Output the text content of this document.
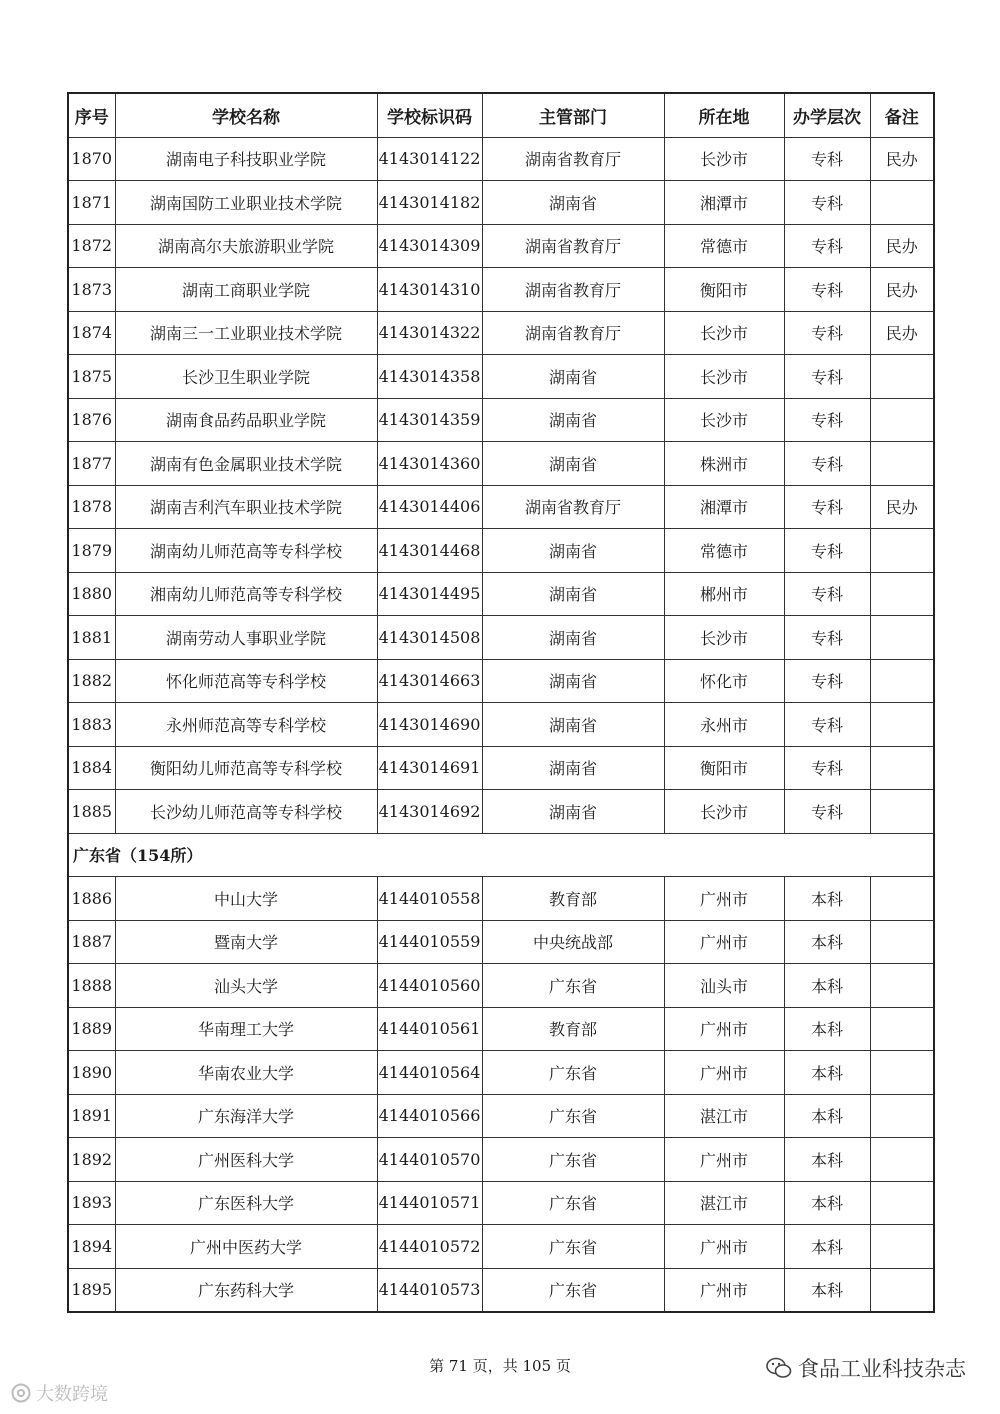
序号	学校名称	学校标识码	主管部门	所在地	办学层次	备注
1870	湖南电子科技职业学院	4143014122	湖南省教育厅	长沙市	专科	民办
1871	湖南国防工业职业技术学院	4143014182	湖南省	湘潭市	专科	
1872	湖南高尔夫旅游职业学院	4143014309	湖南省教育厅	常德市	专科	民办
1873	湖南工商职业学院	4143014310	湖南省教育厅	衡阳市	专科	民办
1874	湖南三一工业职业技术学院	4143014322	湖南省教育厅	长沙市	专科	民办
1875	长沙卫生职业学院	4143014358	湖南省	长沙市	专科	
1876	湖南食品药品职业学院	4143014359	湖南省	长沙市	专科	
1877	湖南有色金属职业技术学院	4143014360	湖南省	株洲市	专科	
1878	湖南吉利汽车职业技术学院	4143014406	湖南省教育厅	湘潭市	专科	民办
1879	湖南幼儿师范高等专科学校	4143014468	湖南省	常德市	专科	
1880	湘南幼儿师范高等专科学校	4143014495	湖南省	郴州市	专科	
1881	湖南劳动人事职业学院	4143014508	湖南省	长沙市	专科	
1882	怀化师范高等专科学校	4143014663	湖南省	怀化市	专科	
1883	永州师范高等专科学校	4143014690	湖南省	永州市	专科	
1884	衡阳幼儿师范高等专科学校	4143014691	湖南省	衡阳市	专科	
1885	长沙幼儿师范高等专科学校	4143014692	湖南省	长沙市	专科	
广东省（154所）						
1886	中山大学	4144010558	教育部	广州市	本科	
1887	暨南大学	4144010559	中央统战部	广州市	本科	
1888	汕头大学	4144010560	广东省	汕头市	本科	
1889	华南理工大学	4144010561	教育部	广州市	本科	
1890	华南农业大学	4144010564	广东省	广州市	本科	
1891	广东海洋大学	4144010566	广东省	湛江市	本科	
1892	广州医科大学	4144010570	广东省	广州市	本科	
1893	广东医科大学	4144010571	广东省	湛江市	本科	
1894	广州中医药大学	4144010572	广东省	广州市	本科	
1895	广东药科大学	4144010573	广东省	广州市	本科	
第 71 页，共 105 页	食品工业科技杂志
大数跨境
